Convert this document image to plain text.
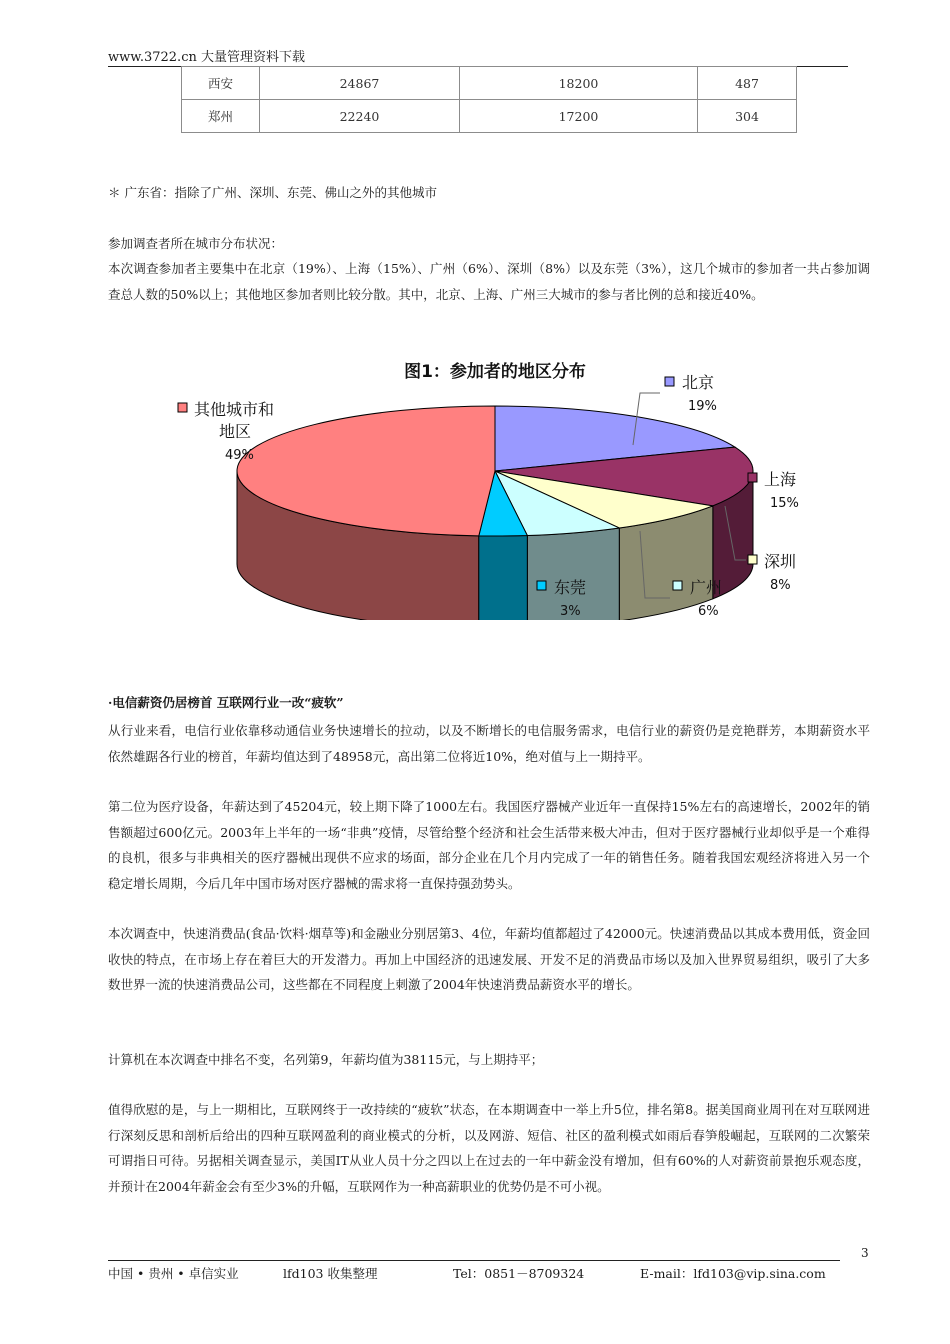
www.3722.cn 大量管理资料下载
西安	24867	18200	487
郑州	22240	17200	304
＊ 广东省：指除了广州、深圳、东莞、佛山之外的其他城市
参加调查者所在城市分布状况：
本次调查参加者主要集中在北京（19%）、上海（15%）、广州（6%）、深圳（8%）以及东莞（3%），这几个城市的参加者一共占参加调查总人数的50%以上；其他地区参加者则比较分散。其中，北京、上海、广州三大城市的参与者比例的总和接近40%。
图1：参加者的地区分布
北京
19%
上海
15%
深圳
8%
广州
6%
东莞
3%
其他城市和
地区
49%
·电信薪资仍居榜首 互联网行业一改“疲软”
从行业来看，电信行业依靠移动通信业务快速增长的拉动，以及不断增长的电信服务需求，电信行业的薪资仍是竞艳群芳，本期薪资水平依然雄踞各行业的榜首，年薪均值达到了48958元，高出第二位将近10%，绝对值与上一期持平。
第二位为医疗设备，年薪达到了45204元，较上期下降了1000左右。我国医疗器械产业近年一直保持15%左右的高速增长，2002年的销售额超过600亿元。2003年上半年的一场“非典”疫情，尽管给整个经济和社会生活带来极大冲击，但对于医疗器械行业却似乎是一个难得的良机，很多与非典相关的医疗器械出现供不应求的场面，部分企业在几个月内完成了一年的销售任务。随着我国宏观经济将进入另一个稳定增长周期，今后几年中国市场对医疗器械的需求将一直保持强劲势头。
本次调查中，快速消费品(食品·饮料·烟草等)和金融业分别居第3、4位，年薪均值都超过了42000元。快速消费品以其成本费用低，资金回收快的特点，在市场上存在着巨大的开发潜力。再加上中国经济的迅速发展、开发不足的消费品市场以及加入世界贸易组织，吸引了大多数世界一流的快速消费品公司，这些都在不同程度上刺激了2004年快速消费品薪资水平的增长。
计算机在本次调查中排名不变，名列第9，年薪均值为38115元，与上期持平；
值得欣慰的是，与上一期相比，互联网终于一改持续的“疲软”状态，在本期调查中一举上升5位，排名第8。据美国商业周刊在对互联网进行深刻反思和剖析后给出的四种互联网盈利的商业模式的分析，以及网游、短信、社区的盈利模式如雨后春笋般崛起，互联网的二次繁荣可谓指日可待。另据相关调查显示，美国IT从业人员十分之四以上在过去的一年中薪金没有增加，但有60%的人对薪资前景抱乐观态度，并预计在2004年薪金会有至少3%的升幅，互联网作为一种高薪职业的优势仍是不可小视。
3
中国 • 贵州 • 卓信实业	lfd103 收集整理	Tel：0851－8709324	E-mail：lfd103@vip.sina.com
